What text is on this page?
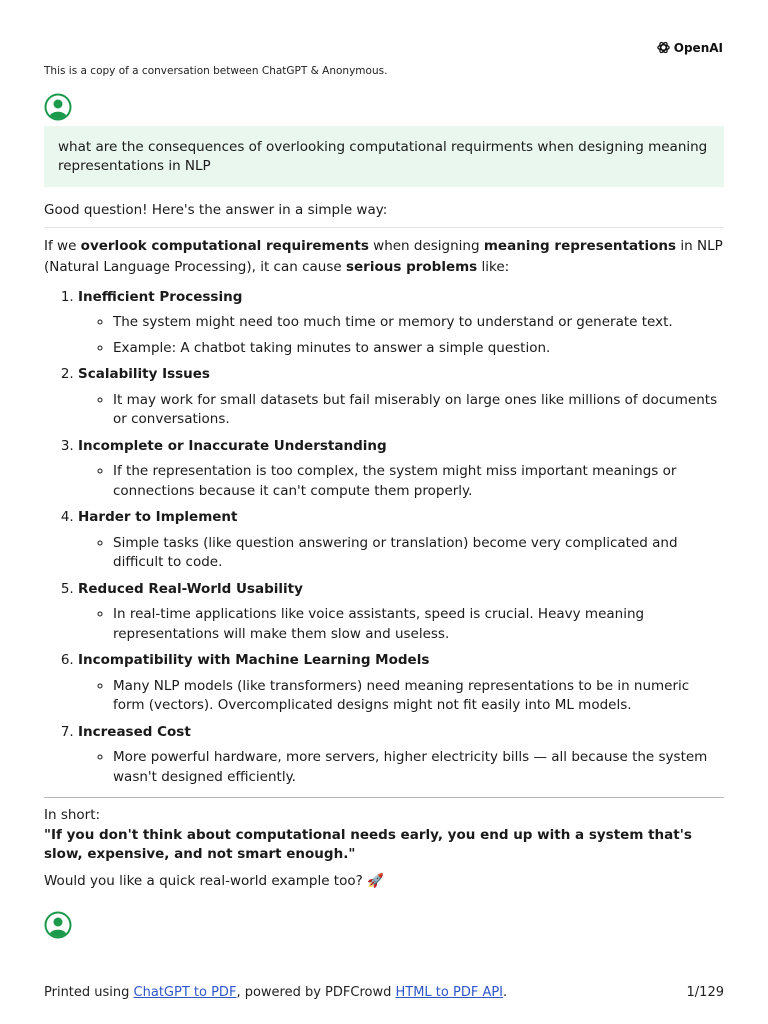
OpenAI
This is a copy of a conversation between ChatGPT & Anonymous.
what are the consequences of overlooking computational requirments when designing meaning representations in NLP

Good question! Here's the answer in a simple way:

If we overlook computational requirements when designing meaning representations in NLP (Natural Language Processing), it can cause serious problems like:

1. Inefficient Processing
◦ The system might need too much time or memory to understand or generate text.
◦ Example: A chatbot taking minutes to answer a simple question.
2. Scalability Issues
◦ It may work for small datasets but fail miserably on large ones like millions of documents or conversations.
3. Incomplete or Inaccurate Understanding
◦ If the representation is too complex, the system might miss important meanings or connections because it can't compute them properly.
4. Harder to Implement
◦ Simple tasks (like question answering or translation) become very complicated and difficult to code.
5. Reduced Real-World Usability
◦ In real-time applications like voice assistants, speed is crucial. Heavy meaning representations will make them slow and useless.
6. Incompatibility with Machine Learning Models
◦ Many NLP models (like transformers) need meaning representations to be in numeric form (vectors). Overcomplicated designs might not fit easily into ML models.
7. Increased Cost
◦ More powerful hardware, more servers, higher electricity bills — all because the system wasn't designed efficiently.

In short:

"If you don't think about computational needs early, you end up with a system that's slow, expensive, and not smart enough."

Would you like a quick real-world example too? 🚀

Printed using ChatGPT to PDF, powered by PDFCrowd HTML to PDF API.	1/129
